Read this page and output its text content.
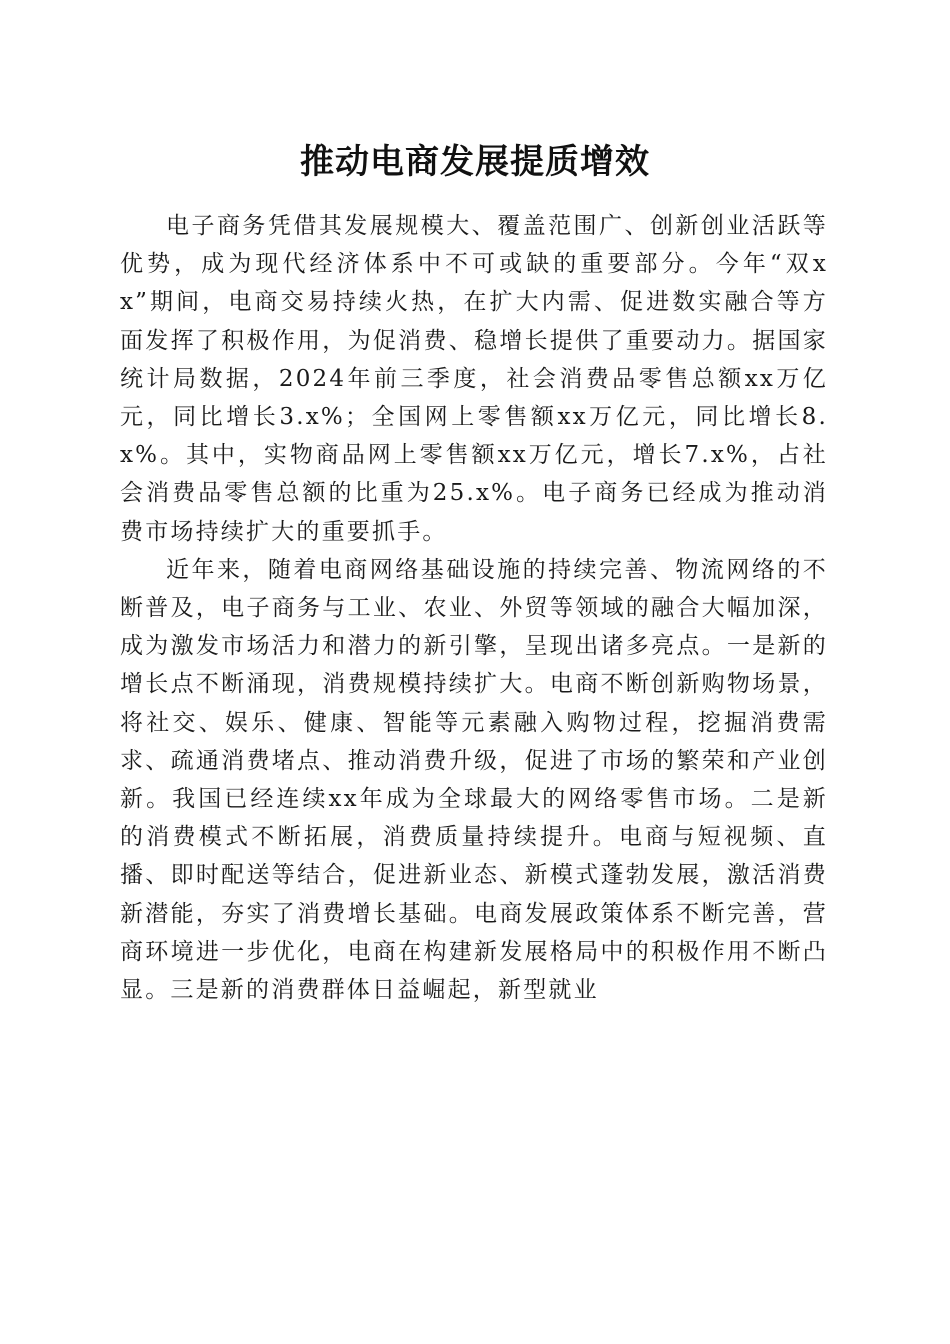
推动电商发展提质增效

电子商务凭借其发展规模大、覆盖范围广、创新创业活跃等优势，成为现代经济体系中不可或缺的重要部分。今年“双xx”期间，电商交易持续火热，在扩大内需、促进数实融合等方面发挥了积极作用，为促消费、稳增长提供了重要动力。据国家统计局数据，2024年前三季度，社会消费品零售总额xx万亿元，同比增长3.x%；全国网上零售额xx万亿元，同比增长8.x%。其中，实物商品网上零售额xx万亿元，增长7.x%，占社会消费品零售总额的比重为25.x%。电子商务已经成为推动消费市场持续扩大的重要抓手。

近年来，随着电商网络基础设施的持续完善、物流网络的不断普及，电子商务与工业、农业、外贸等领域的融合大幅加深，成为激发市场活力和潜力的新引擎，呈现出诸多亮点。一是新的增长点不断涌现，消费规模持续扩大。电商不断创新购物场景，将社交、娱乐、健康、智能等元素融入购物过程，挖掘消费需求、疏通消费堵点、推动消费升级，促进了市场的繁荣和产业创新。我国已经连续xx年成为全球最大的网络零售市场。二是新的消费模式不断拓展，消费质量持续提升。电商与短视频、直播、即时配送等结合，促进新业态、新模式蓬勃发展，激活消费新潜能，夯实了消费增长基础。电商发展政策体系不断完善，营商环境进一步优化，电商在构建新发展格局中的积极作用不断凸显。三是新的消费群体日益崛起，新型就业
